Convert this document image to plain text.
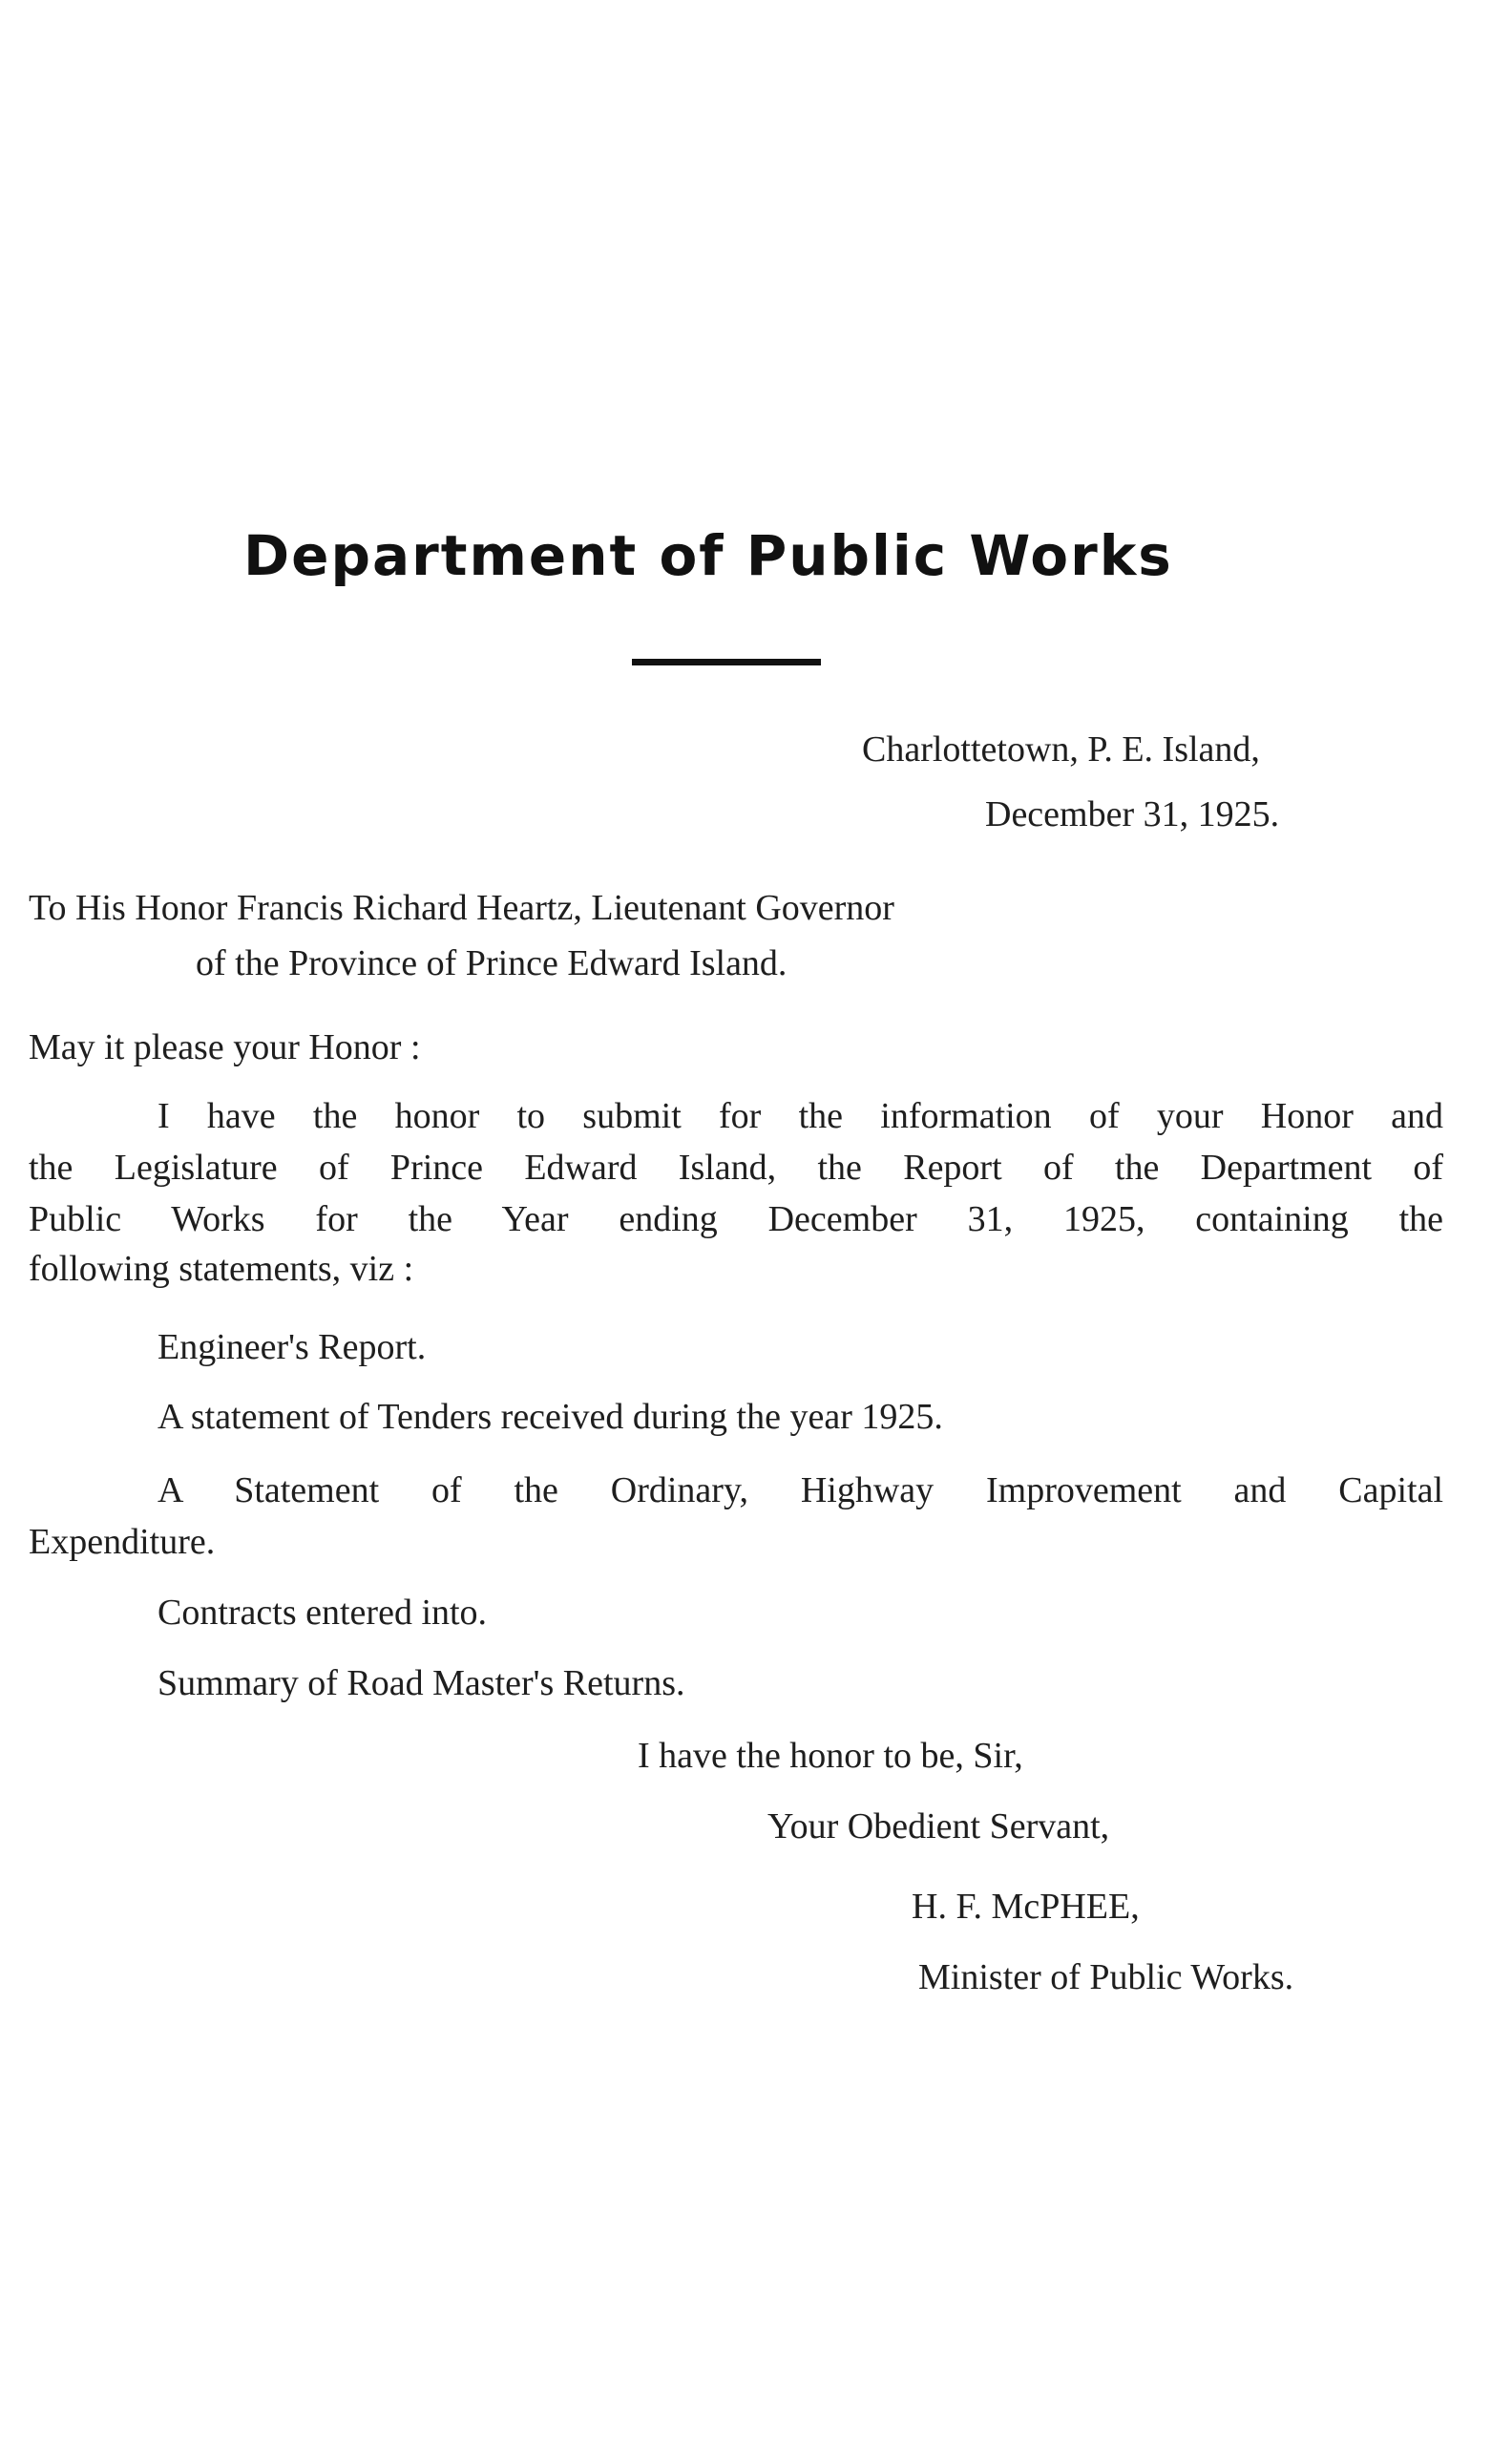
Department of Public Works
Charlottetown, P. E. Island,
December 31, 1925.
To His Honor Francis Richard Heartz, Lieutenant Governor
of the Province of Prince Edward Island.
May it please your Honor :
I have the honor to submit for the information of your Honor and
the Legislature of Prince Edward Island, the Report of the Department of
Public Works for the Year ending December 31, 1925, containing the
following statements, viz :
Engineer's Report.
A statement of Tenders received during the year 1925.
A Statement of the Ordinary, Highway Improvement and Capital
Expenditure.
Contracts entered into.
Summary of Road Master's Returns.
I have the honor to be, Sir,
Your Obedient Servant,
H. F. McPHEE,
Minister of Public Works.
